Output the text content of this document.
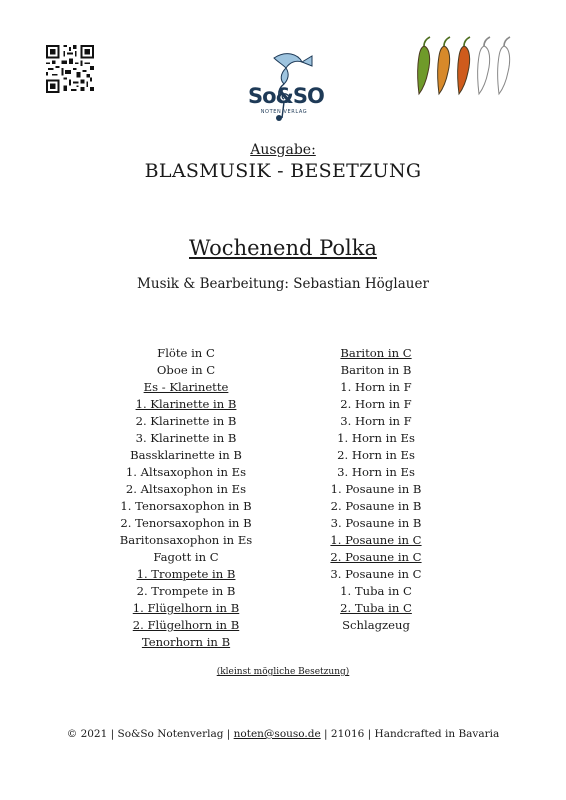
So&SO
NOTEN VERLAG
Ausgabe:
BLASMUSIK - BESETZUNG
Wochenend Polka
Musik & Bearbeitung: Sebastian Höglauer
Flöte in C
Oboe in C
Es - Klarinette
1. Klarinette in B
2. Klarinette in B
3. Klarinette in B
Bassklarinette in B
1. Altsaxophon in Es
2. Altsaxophon in Es
1. Tenorsaxophon in B
2. Tenorsaxophon in B
Baritonsaxophon in Es
Fagott in C
1. Trompete in B
2. Trompete in B
1. Flügelhorn in B
2. Flügelhorn in B
Tenorhorn in B
Bariton in C
Bariton in B
1. Horn in F
2. Horn in F
3. Horn in F
1. Horn in Es
2. Horn in Es
3. Horn in Es
1. Posaune in B
2. Posaune in B
3. Posaune in B
1. Posaune in C
2. Posaune in C
3. Posaune in C
1. Tuba in C
2. Tuba in C
Schlagzeug
(kleinst mögliche Besetzung)
© 2021 | So&So Notenverlag | noten@souso.de | 21016 | Handcrafted in Bavaria
